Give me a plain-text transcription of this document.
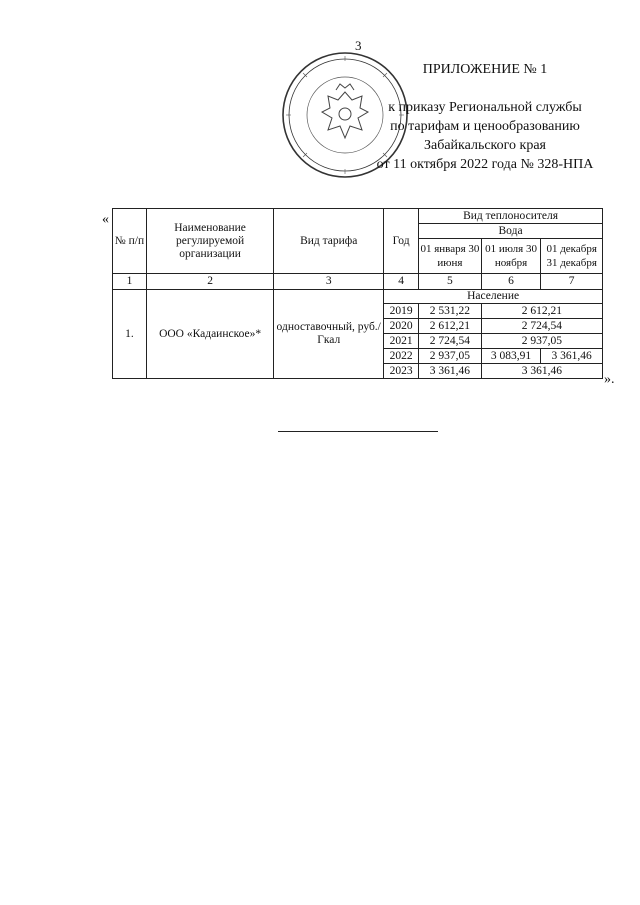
3
ПРИЛОЖЕНИЕ № 1
к приказу Региональной службы
по тарифам и ценообразованию
Забайкальского края
от 11 октября 2022 года № 328-НПА
«
№ п/п	Наименование регулируемой организации	Вид тарифа	Год	Вид теплоносителя		
				Вода		
				01 января 30 июня	01 июля 30 ноября	01 декабря 31 декабря
1	2	3	4	5	6	7
1.	ООО «Кадаинское»*	одноставочный, руб./Гкал	Население			
			2019	2 531,22	2 612,21	
			2020	2 612,21	2 724,54	
			2021	2 724,54	2 937,05	
			2022	2 937,05	3 083,91	3 361,46
			2023	3 361,46	3 361,46	
».
